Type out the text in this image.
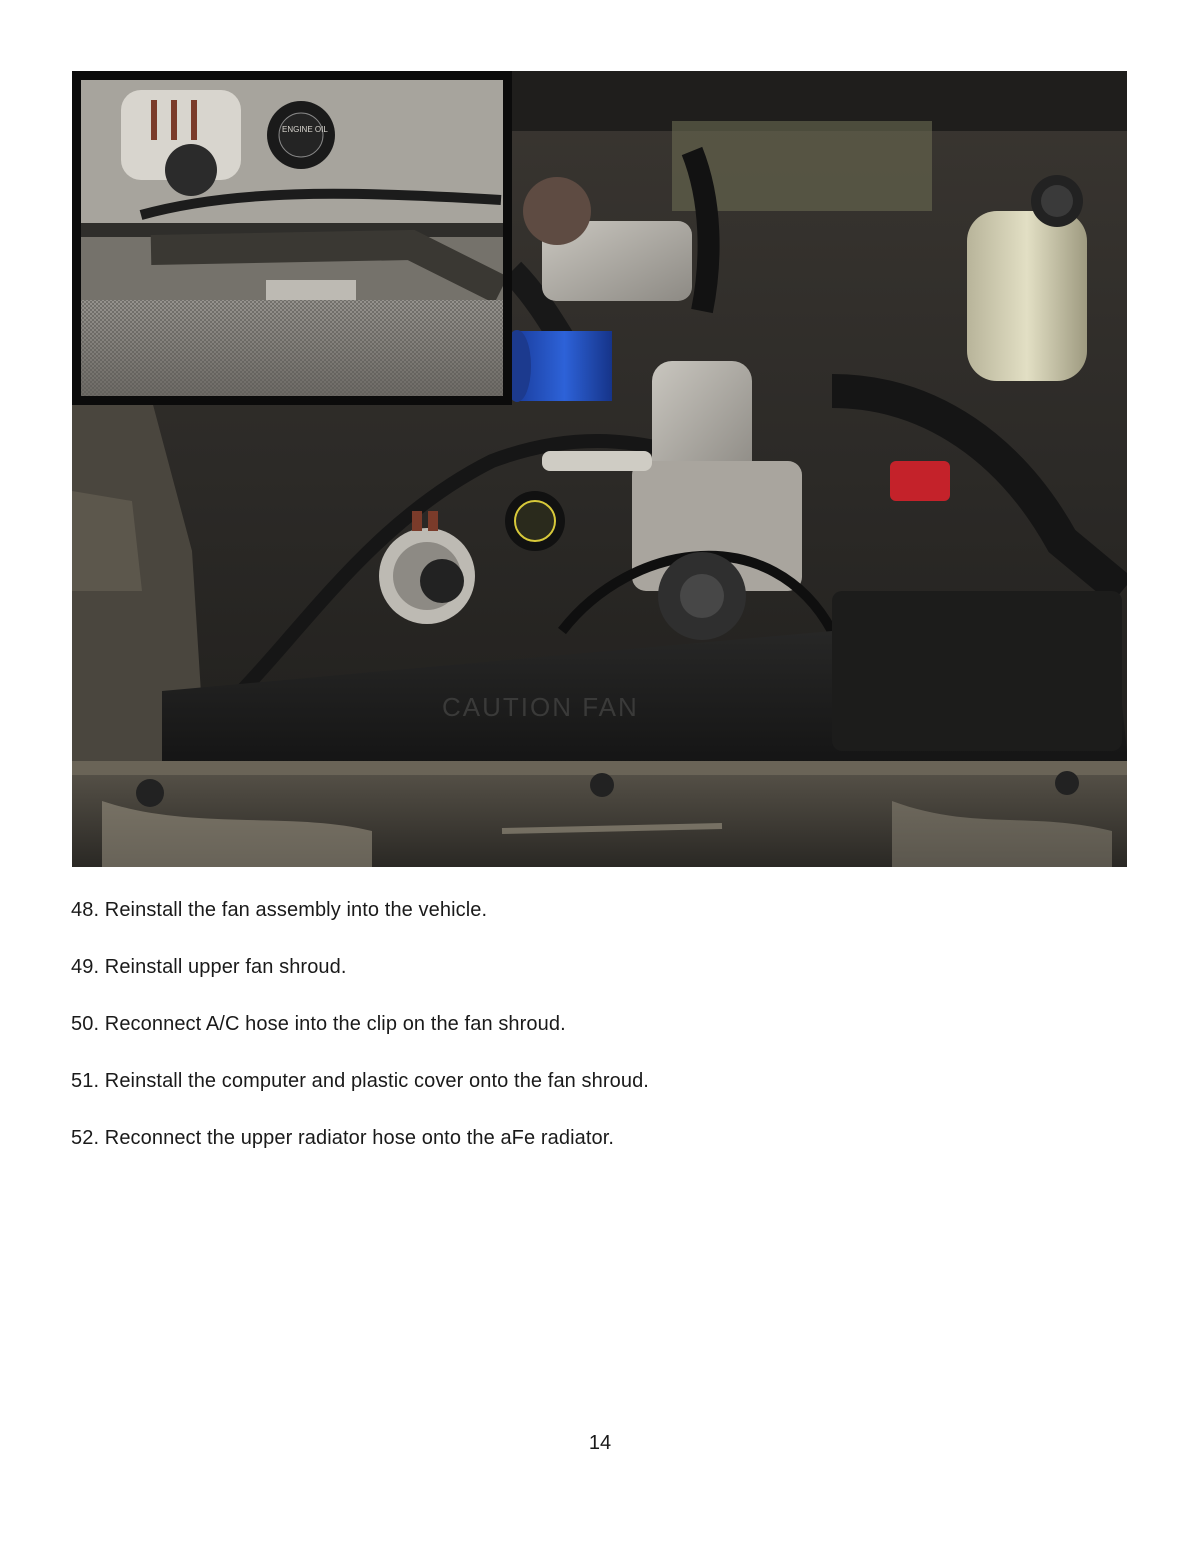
CAUTION FAN
ENGINE OIL
48. Reinstall the fan assembly into the vehicle.
49. Reinstall upper fan shroud.
50. Reconnect A/C hose into the clip on the fan shroud.
51. Reinstall the computer and plastic cover onto the fan shroud.
52. Reconnect the upper radiator hose onto the aFe radiator.
14
